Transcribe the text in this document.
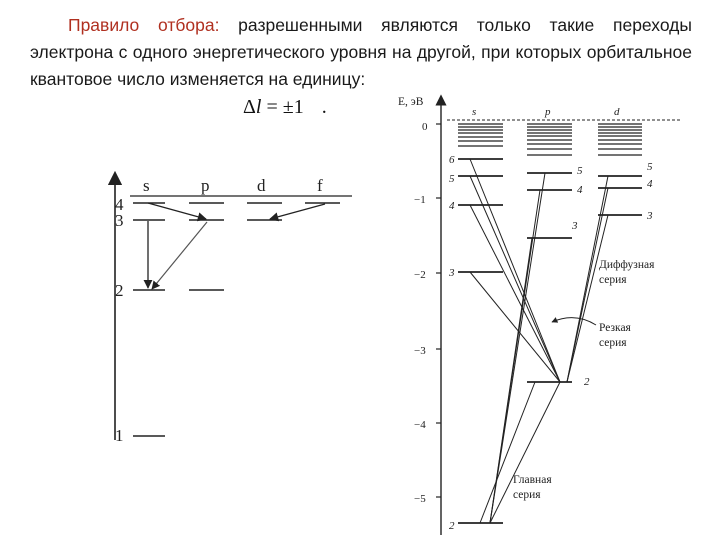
Правило отбора: разрешенными являются только такие переходы электрона с одного энергетического уровня на другой, при которых орбитальное квантовое число изменяется на единицу:
Δl = ±1 .
s	p	d	f
4
3
2
1
E, эВ
0
−1
−2
−3
−4
−5
s	p	d
6
5
4
3
2
5
4
3
2
5
4
3
Диффузная
серия
Резкая
серия
Главная
серия
